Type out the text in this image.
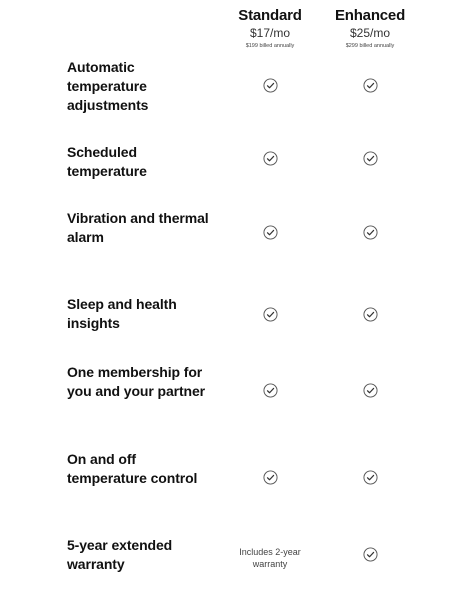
Standard
$17/mo
$199 billed annually
Enhanced
$25/mo
$299 billed annually
Automatic temperature adjustments
Scheduled temperature
Vibration and thermal alarm
Sleep and health insights
One membership for you and your partner
On and off temperature control
5-year extended warranty
Includes 2-year warranty
